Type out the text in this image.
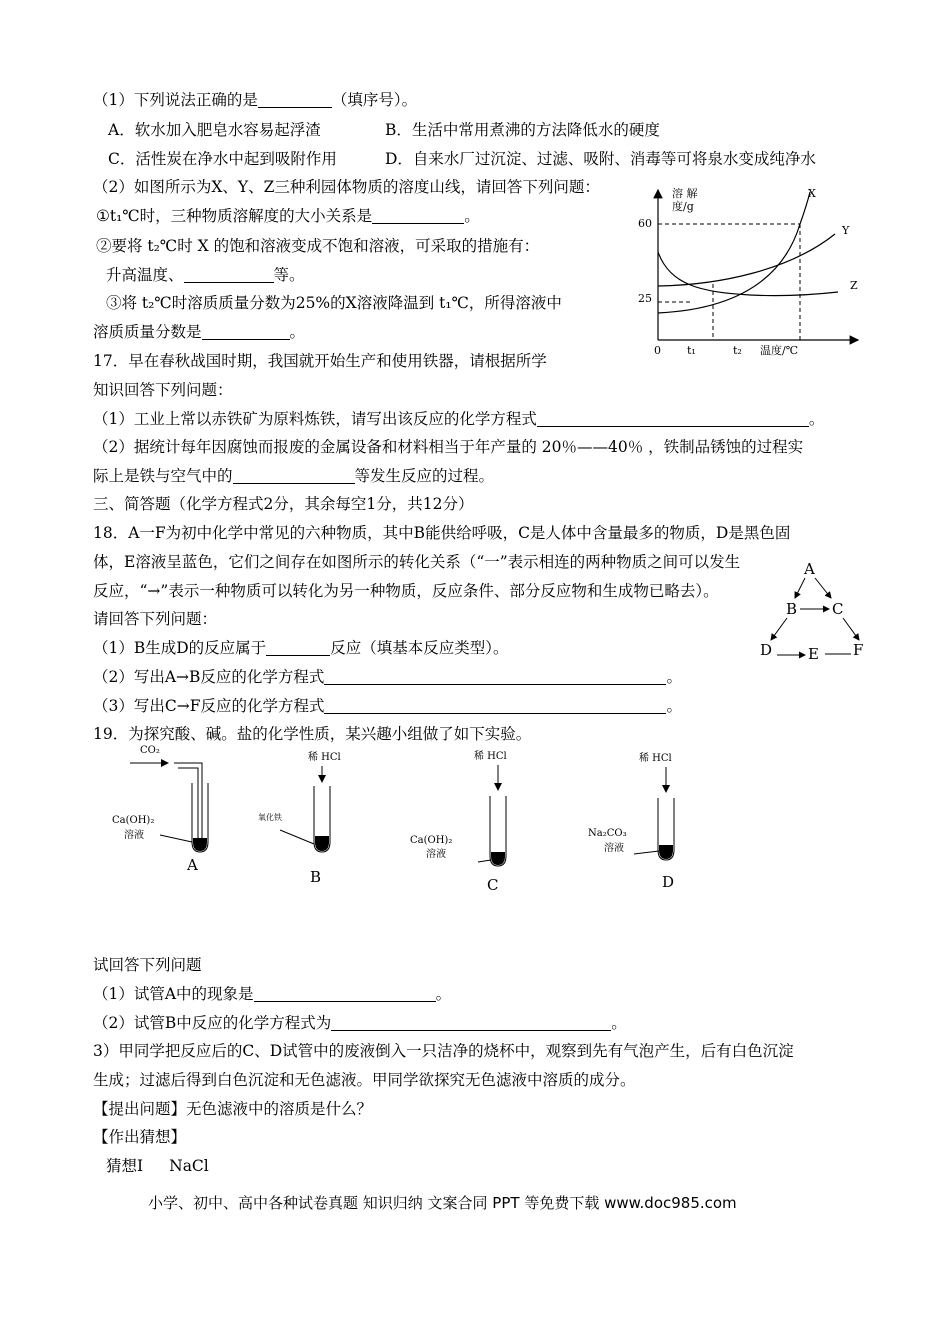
（1）下列说法正确的是	（填序号）。
A．软水加入肥皂水容易起浮渣	B．生活中常用煮沸的方法降低水的硬度
C．活性炭在净水中起到吸附作用	D．自来水厂过沉淀、过滤、吸附、消毒等可将泉水变成纯净水
（2）如图所示为X、Y、Z三种利园体物质的溶度山线，请回答下列问题：
①t₁℃时，三种物质溶解度的大小关系是	。
②要将 t₂℃时 X 的饱和溶液变成不饱和溶液，可采取的措施有：
升高温度、	等。
③将 t₂℃时溶质质量分数为25%的X溶液降温到 t₁℃，所得溶液中
溶质质量分数是	。
溶 解
度/g
60
25
0 t₁	t₂ 温度/℃
X
Y
Z
17．早在春秋战国时期，我国就开始生产和使用铁器，请根据所学
知识回答下列问题：
（1）工业上常以赤铁矿为原料炼铁，请写出该反应的化学方程式	。
（2）据统计每年因腐蚀而报废的金属设备和材料相当于年产量的 20％——40％ ，铁制品锈蚀的过程实
际上是铁与空气中的	等发生反应的过程。
三、简答题（化学方程式2分，其余每空1分，共12分）
18．A一F为初中化学中常见的六种物质，其中B能供给呼吸，C是人体中含量最多的物质，D是黑色固
体，E溶液呈蓝色，它们之间存在如图所示的转化关系（“一”表示相连的两种物质之间可以发生
反应，“→”表示一种物质可以转化为另一种物质，反应条件、部分反应物和生成物已略去）。
请回答下列问题：
（1）B生成D的反应属于	反应（填基本反应类型）。
（2）写出A→B反应的化学方程式	。
（3）写出C→F反应的化学方程式	。
A
B C
D E F
19．为探究酸、碱。盐的化学性质，某兴趣小组做了如下实验。
CO₂
Ca(OH)₂
溶液
A
稀 HCl
氧化铁
B
稀 HCl
Ca(OH)₂
溶液
C
稀 HCl
Na₂CO₃
溶液
D
试回答下列问题
（1）试管A中的现象是	。
（2）试管B中反应的化学方程式为	。
3）甲同学把反应后的C、D试管中的废液倒入一只洁净的烧杯中，观察到先有气泡产生，后有白色沉淀
生成；过滤后得到白色沉淀和无色滤液。甲同学欲探究无色滤液中溶质的成分。
【提出问题】无色滤液中的溶质是什么？
【作出猜想】
猜想Ⅰ NaCl
小学、初中、高中各种试卷真题 知识归纳 文案合同 PPT 等免费下载 www.doc985.com
